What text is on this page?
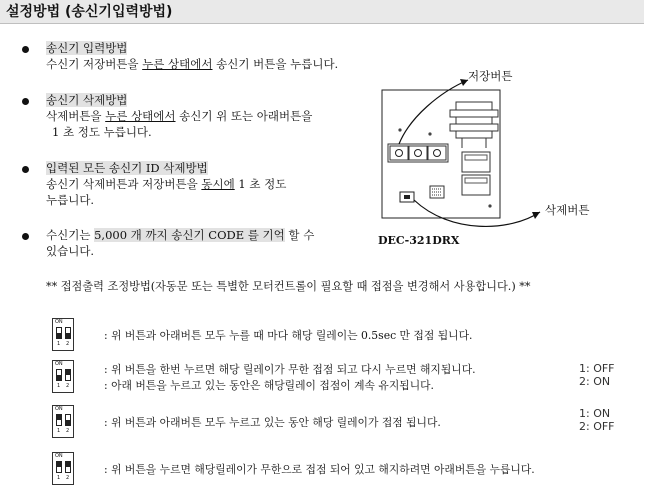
설정방법 (송신기입력방법)
송신기 입력방법
수신기 저장버튼을 누른 상태에서 송신기 버튼을 누릅니다.
송신기 삭제방법
삭제버튼을 누른 상태에서 송신기 위 또는 아래버튼을
1 초 정도 누릅니다.
입력된 모든 송신기 ID 삭제방법
송신기 삭제버튼과 저장버튼을 동시에 1 초 정도
누릅니다.
수신기는 5,000 개 까지 송신기 CODE 를 기억 할 수
있습니다.
저장버튼
삭제버튼
DEC-321DRX
** 접점출력 조정방법(자동문 또는 특별한 모터컨트롤이 필요할 때 접점을 변경해서 사용합니다.) **
ON
1 2
: 위 버튼과 아래버튼 모두 누를 때 마다 해당 릴레이는 0.5sec 만 접점 됩니다.
ON
1 2
: 위 버튼을 한번 누르면 해당 릴레이가 무한 접점 되고 다시 누르면 해지됩니다.
: 아래 버튼을 누르고 있는 동안은 해당릴레이 접점이 계속 유지됩니다.
1: OFF
2: ON
ON
1 2
: 위 버튼과 아래버튼 모두 누르고 있는 동안 해당 릴레이가 접점 됩니다.
1: ON
2: OFF
ON
1 2
: 위 버튼을 누르면 해당릴레이가 무한으로 접점 되어 있고 해지하려면 아래버튼을 누릅니다.
